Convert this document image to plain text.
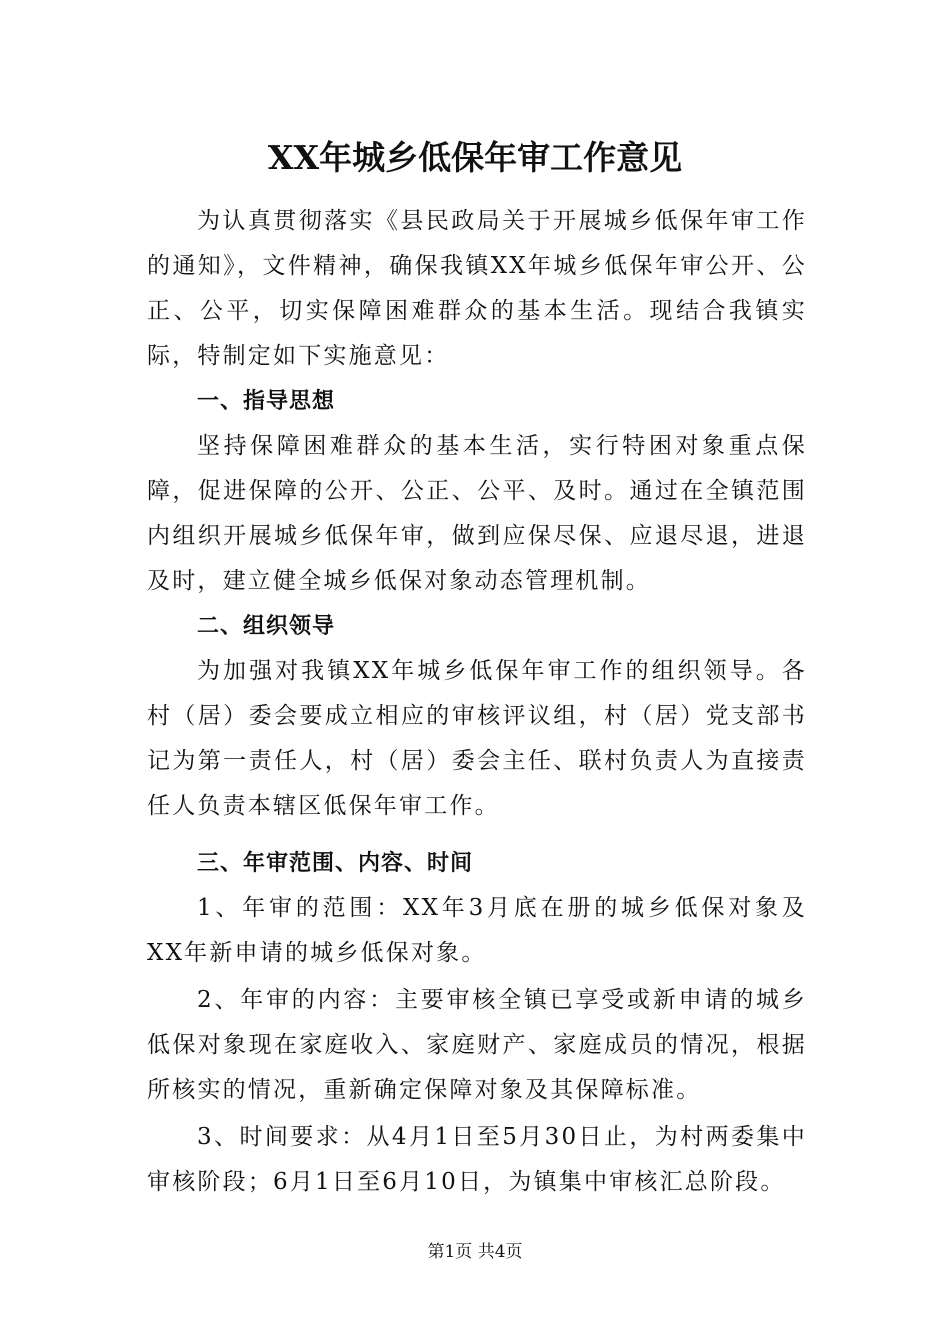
XX年城乡低保年审工作意见

为认真贯彻落实《县民政局关于开展城乡低保年审工作的通知》，文件精神，确保我镇XX年城乡低保年审公开、公正、公平，切实保障困难群众的基本生活。现结合我镇实际，特制定如下实施意见：

一、指导思想

坚持保障困难群众的基本生活，实行特困对象重点保障，促进保障的公开、公正、公平、及时。通过在全镇范围内组织开展城乡低保年审，做到应保尽保、应退尽退，进退及时，建立健全城乡低保对象动态管理机制。

二、组织领导

为加强对我镇XX年城乡低保年审工作的组织领导。各村（居）委会要成立相应的审核评议组，村（居）党支部书记为第一责任人，村（居）委会主任、联村负责人为直接责任人负责本辖区低保年审工作。

三、年审范围、内容、时间

1、年审的范围：XX年3月底在册的城乡低保对象及XX年新申请的城乡低保对象。

2、年审的内容：主要审核全镇已享受或新申请的城乡低保对象现在家庭收入、家庭财产、家庭成员的情况，根据所核实的情况，重新确定保障对象及其保障标准。

3、时间要求：从4月1日至5月30日止，为村两委集中审核阶段；6月1日至6月10日，为镇集中审核汇总阶段。

第1页 共4页
